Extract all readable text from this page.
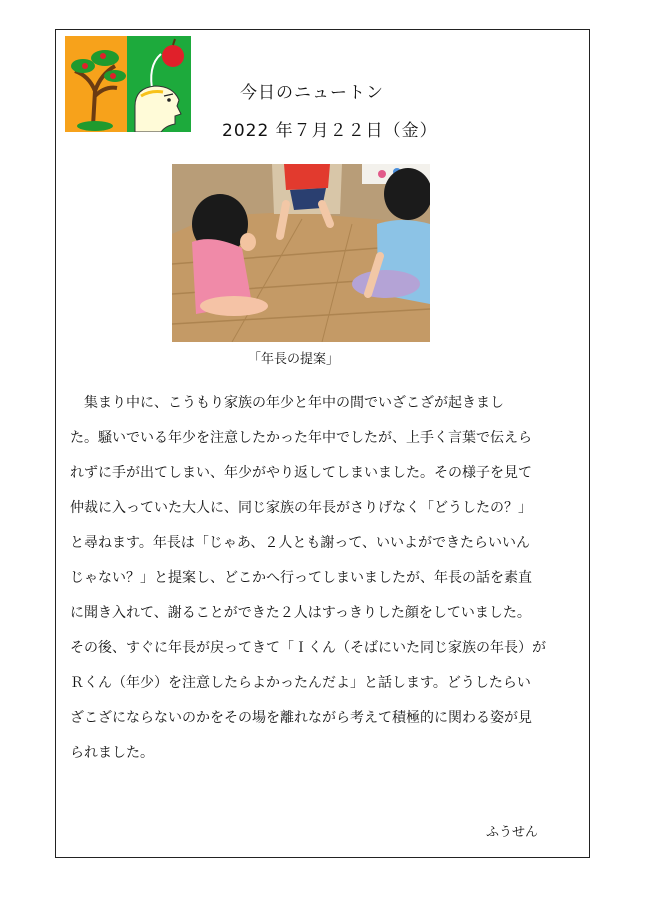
今日のニュートン
2022 年７月２２日（金）
「年長の提案」
　集まり中に、こうもり家族の年少と年中の間でいざこざが起きまし
た。騒いでいる年少を注意したかった年中でしたが、上手く言葉で伝えら
れずに手が出てしまい、年少がやり返してしまいました。その様子を見て
仲裁に入っていた大人に、同じ家族の年長がさりげなく「どうしたの？」
と尋ねます。年長は「じゃあ、２人とも謝って、いいよができたらいいん
じゃない？」と提案し、どこかへ行ってしまいましたが、年長の話を素直
に聞き入れて、謝ることができた２人はすっきりした顔をしていました。
その後、すぐに年長が戻ってきて「Ｉくん（そばにいた同じ家族の年長）が
Ｒくん（年少）を注意したらよかったんだよ」と話します。どうしたらい
ざこざにならないのかをその場を離れながら考えて積極的に関わる姿が見
られました。
ふうせん
